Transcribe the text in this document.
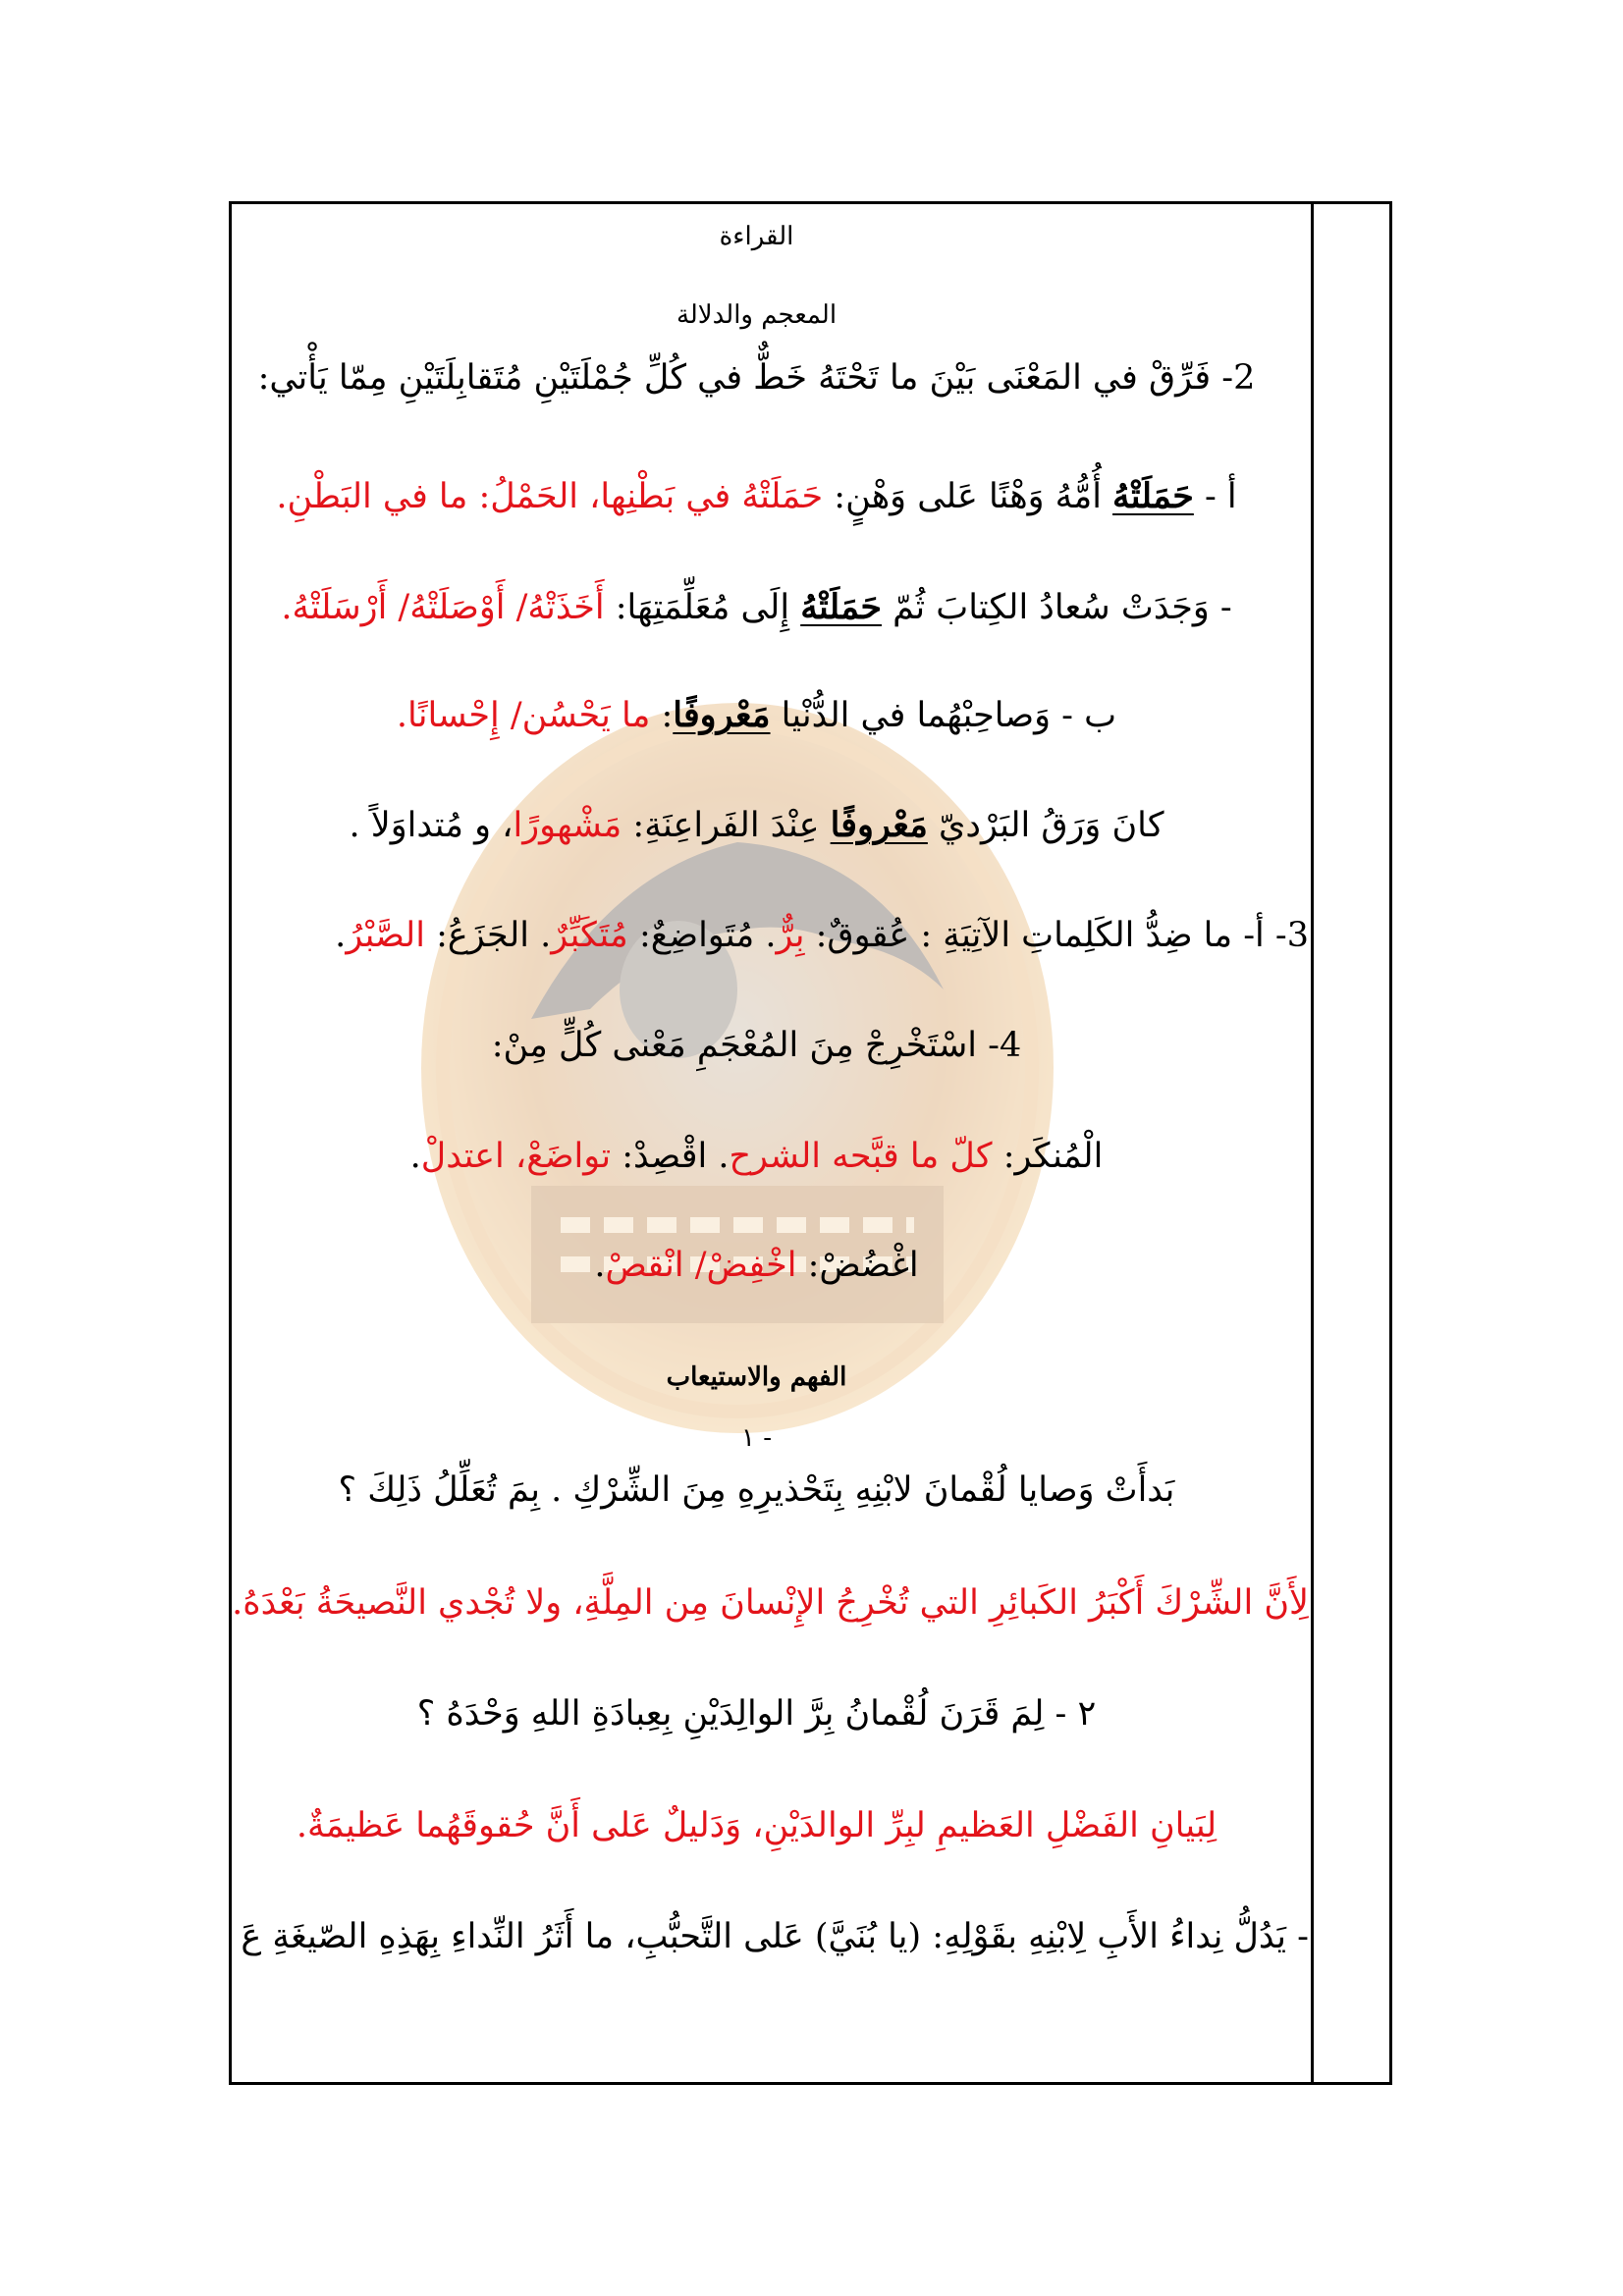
القراءة
المعجم والدلالة
2- فَرِّقْ في المَعْنَى بَيْنَ ما تَحْتَهُ خَطٌّ في كُلِّ جُمْلَتَيْنِ مُتَقابِلَتَيْنِ مِمّا يَأْتي:
أ - حَمَلَتْهُ أُمُّهُ وَهْنًا عَلى وَهْنٍ: حَمَلَتْهُ في بَطْنِها، الحَمْلُ: ما في البَطْنِ.
- وَجَدَتْ سُعادُ الكِتابَ ثُمّ حَمَلَتْهُ إِلَى مُعَلِّمَتِهَا: أَخَذَتْهُ/ أَوْصَلَتْهُ/ أَرْسَلَتْهُ.
ب - وَصاحِبْهُما في الدُّنْيا مَعْروفًا: ما يَحْسُن/ إِحْسانًا.
كانَ وَرَقُ البَرْديّ مَعْروفًا عِنْدَ الفَراعِنَةِ: مَشْهورًا، و مُتداوَلاً .
3- أ- ما ضِدُّ الكَلِماتِ الآتِيَةِ : عُقوقٌ: بِرٌّ. مُتَواضِعٌ: مُتَكَبِّرٌ. الجَزَعُ: الصَّبْرُ.
4- اسْتَخْرِجْ مِنَ المُعْجَمِ مَعْنى كُلٍّ مِنْ:
الْمُنكَر: كلّ ما قبَّحه الشرح. اقْصِدْ: تواضَعْ، اعتدلْ.
اغْضُضْ: اخْفِضْ/ انْقصْ.
الفهم والاستيعاب
١ -
بَدأَتْ وَصايا لُقْمانَ لابْنِهِ بِتَحْذيرِهِ مِنَ الشِّرْكِ . بِمَ تُعَلِّلُ ذَلِكَ ؟
لِأَنَّ الشِّرْكَ أَكْبَرُ الكَبائِرِ التي تُخْرِجُ الإِنْسانَ مِن المِلَّةِ، ولا تُجْدي النَّصيحَةُ بَعْدَهُ.
٢ - لِمَ قَرَنَ لُقْمانُ بِرَّ الوالِدَيْنِ بِعِبادَةِ اللهِ وَحْدَهُ ؟
لِبَيانِ الفَضْلِ العَظيمِ لبِرِّ الوالدَيْنِ، وَدَليلٌ عَلى أَنَّ حُقوقَهُما عَظيمَةٌ.
- يَدُلُّ نِداءُ الأَبِ لِابْنِهِ بقَوْلِهِ: (يا بُنَيَّ) عَلى التَّحبُّبِ، ما أَثَرُ النِّداءِ بِهَذِهِ الصّيغَةِ عَ
